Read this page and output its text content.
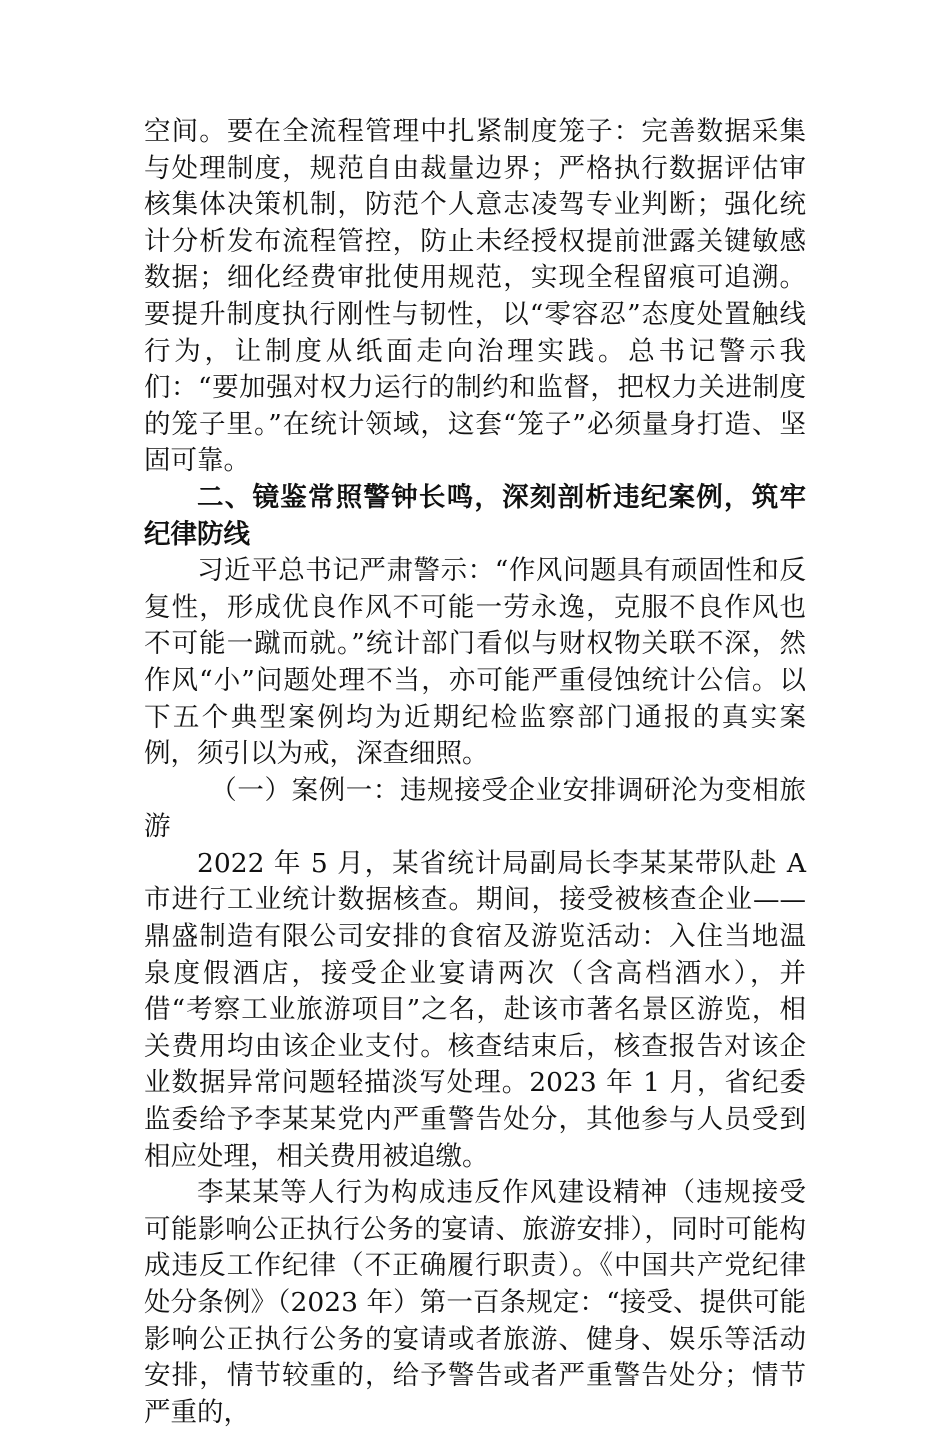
空间。要在全流程管理中扎紧制度笼子：完善数据采集与处理制度，规范自由裁量边界；严格执行数据评估审核集体决策机制，防范个人意志凌驾专业判断；强化统计分析发布流程管控，防止未经授权提前泄露关键敏感数据；细化经费审批使用规范，实现全程留痕可追溯。要提升制度执行刚性与韧性，以“零容忍”态度处置触线行为，让制度从纸面走向治理实践。总书记警示我们：“要加强对权力运行的制约和监督，把权力关进制度的笼子里。”在统计领域，这套“笼子”必须量身打造、坚固可靠。

二、镜鉴常照警钟长鸣，深刻剖析违纪案例，筑牢纪律防线

习近平总书记严肃警示：“作风问题具有顽固性和反复性，形成优良作风不可能一劳永逸，克服不良作风也不可能一蹴而就。”统计部门看似与财权物关联不深，然作风“小”问题处理不当，亦可能严重侵蚀统计公信。以下五个典型案例均为近期纪检监察部门通报的真实案例，须引以为戒，深查细照。

（一）案例一：违规接受企业安排调研沦为变相旅游

2022 年 5 月，某省统计局副局长李某某带队赴 A 市进行工业统计数据核查。期间，接受被核查企业——鼎盛制造有限公司安排的食宿及游览活动：入住当地温泉度假酒店，接受企业宴请两次（含高档酒水），并借“考察工业旅游项目”之名，赴该市著名景区游览，相关费用均由该企业支付。核查结束后，核查报告对该企业数据异常问题轻描淡写处理。2023 年 1 月，省纪委监委给予李某某党内严重警告处分，其他参与人员受到相应处理，相关费用被追缴。

李某某等人行为构成违反作风建设精神（违规接受可能影响公正执行公务的宴请、旅游安排），同时可能构成违反工作纪律（不正确履行职责）。《中国共产党纪律处分条例》（2023 年）第一百条规定：“接受、提供可能影响公正执行公务的宴请或者旅游、健身、娱乐等活动安排，情节较重的，给予警告或者严重警告处分；情节严重的，
